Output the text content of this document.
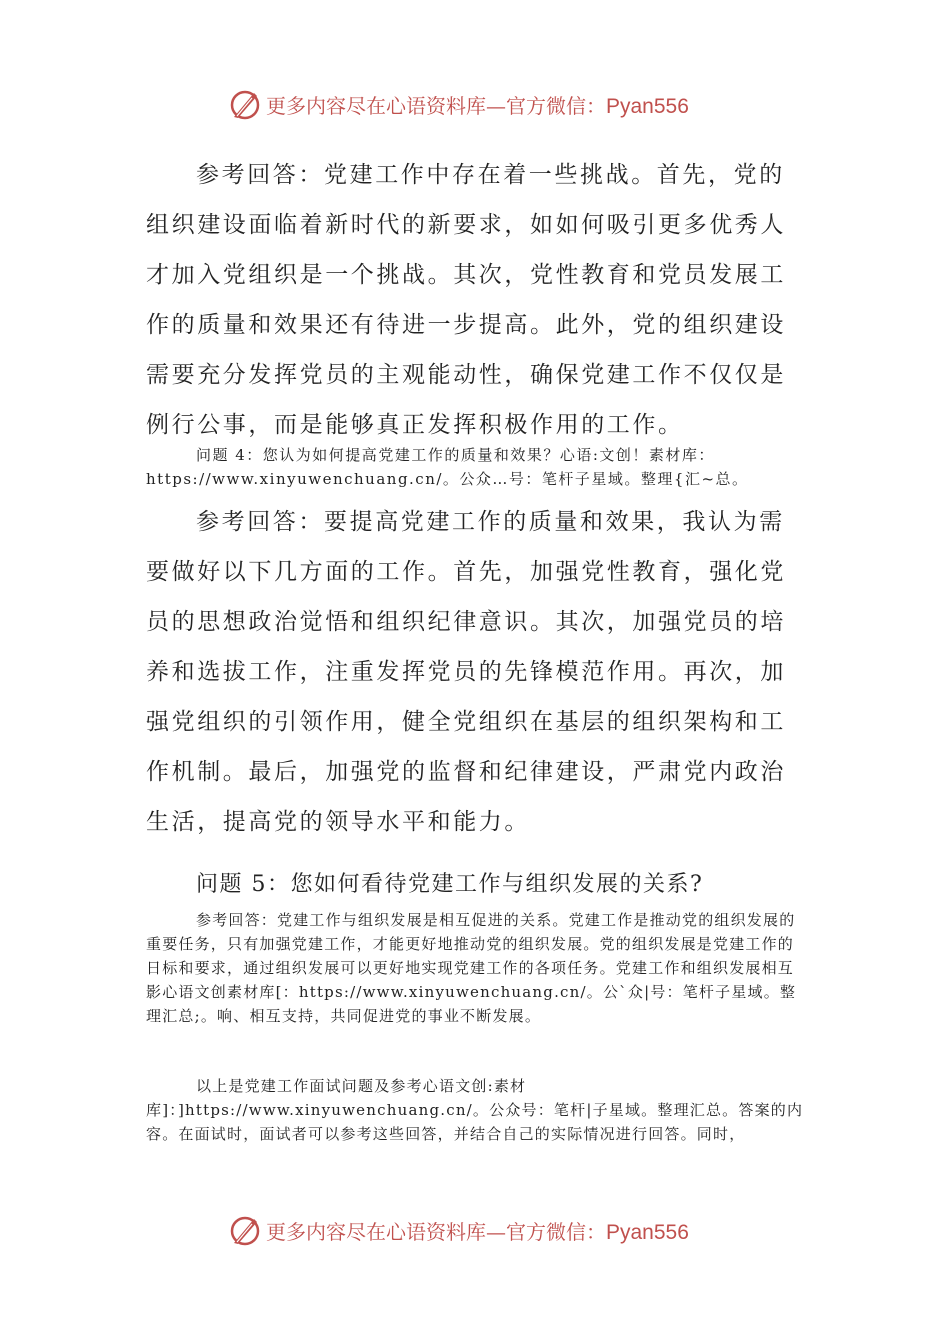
更多内容尽在心语资料库—官方微信：Pyan556

参考回答：党建工作中存在着一些挑战。首先，党的组织建设面临着新时代的新要求，如如何吸引更多优秀人才加入党组织是一个挑战。其次，党性教育和党员发展工作的质量和效果还有待进一步提高。此外，党的组织建设需要充分发挥党员的主观能动性，确保党建工作不仅仅是例行公事，而是能够真正发挥积极作用的工作。

问题 4：您认为如何提高党建工作的质量和效果？心语:文创！素材库：https://www.xinyuwenchuang.cn/。公众…号：笔杆子星域。整理{汇~总。

参考回答：要提高党建工作的质量和效果，我认为需要做好以下几方面的工作。首先，加强党性教育，强化党员的思想政治觉悟和组织纪律意识。其次，加强党员的培养和选拔工作，注重发挥党员的先锋模范作用。再次，加强党组织的引领作用，健全党组织在基层的组织架构和工作机制。最后，加强党的监督和纪律建设，严肃党内政治生活，提高党的领导水平和能力。

问题 5：您如何看待党建工作与组织发展的关系?

参考回答：党建工作与组织发展是相互促进的关系。党建工作是推动党的组织发展的重要任务，只有加强党建工作，才能更好地推动党的组织发展。党的组织发展是党建工作的日标和要求，通过组织发展可以更好地实现党建工作的各项任务。党建工作和组织发展相互影心语文创素材库[：https://www.xinyuwenchuang.cn/。公`众|号：笔杆子星域。整理汇总;。响、相互支持，共同促进党的事业不断发展。

以上是党建工作面试问题及参考心语文创:素材库]：]https://www.xinyuwenchuang.cn/。公众号：笔杆|子星域。整理汇总。答案的内容。在面试时，面试者可以参考这些回答，并结合自己的实际情况进行回答。同时，

更多内容尽在心语资料库—官方微信：Pyan556
